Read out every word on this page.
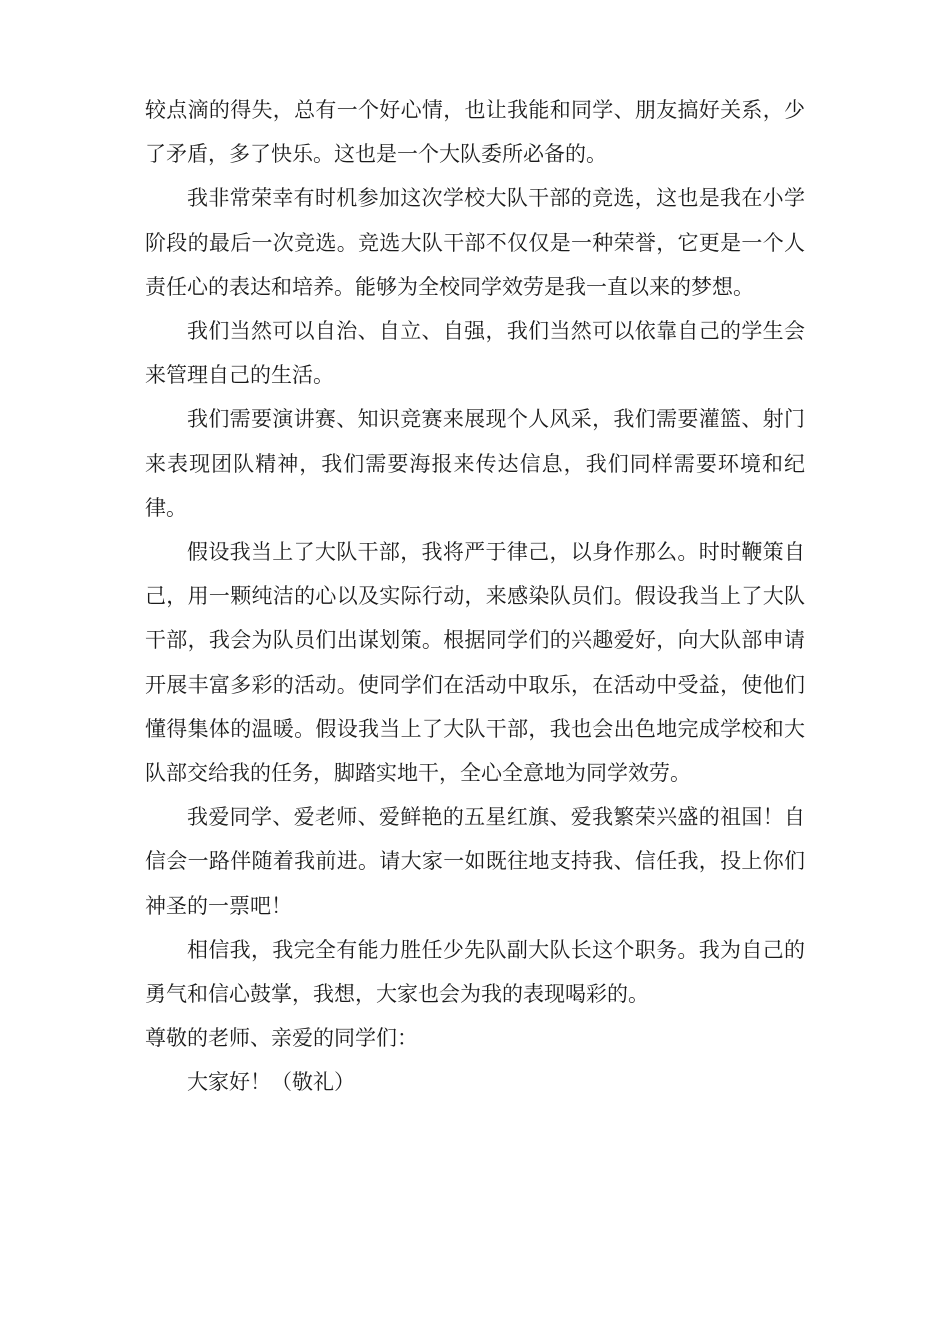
较点滴的得失，总有一个好心情，也让我能和同学、朋友搞好关系，少了矛盾，多了快乐。这也是一个大队委所必备的。

我非常荣幸有时机参加这次学校大队干部的竞选，这也是我在小学阶段的最后一次竞选。竞选大队干部不仅仅是一种荣誉，它更是一个人责任心的表达和培养。能够为全校同学效劳是我一直以来的梦想。

我们当然可以自治、自立、自强，我们当然可以依靠自己的学生会来管理自己的生活。

我们需要演讲赛、知识竞赛来展现个人风采，我们需要灌篮、射门来表现团队精神，我们需要海报来传达信息，我们同样需要环境和纪律。

假设我当上了大队干部，我将严于律己，以身作那么。时时鞭策自己，用一颗纯洁的心以及实际行动，来感染队员们。假设我当上了大队干部，我会为队员们出谋划策。根据同学们的兴趣爱好，向大队部申请开展丰富多彩的活动。使同学们在活动中取乐，在活动中受益，使他们懂得集体的温暖。假设我当上了大队干部，我也会出色地完成学校和大队部交给我的任务，脚踏实地干，全心全意地为同学效劳。

我爱同学、爱老师、爱鲜艳的五星红旗、爱我繁荣兴盛的祖国！自信会一路伴随着我前进。请大家一如既往地支持我、信任我，投上你们神圣的一票吧！

相信我，我完全有能力胜任少先队副大队长这个职务。我为自己的勇气和信心鼓掌，我想，大家也会为我的表现喝彩的。

尊敬的老师、亲爱的同学们：

大家好！（敬礼）
